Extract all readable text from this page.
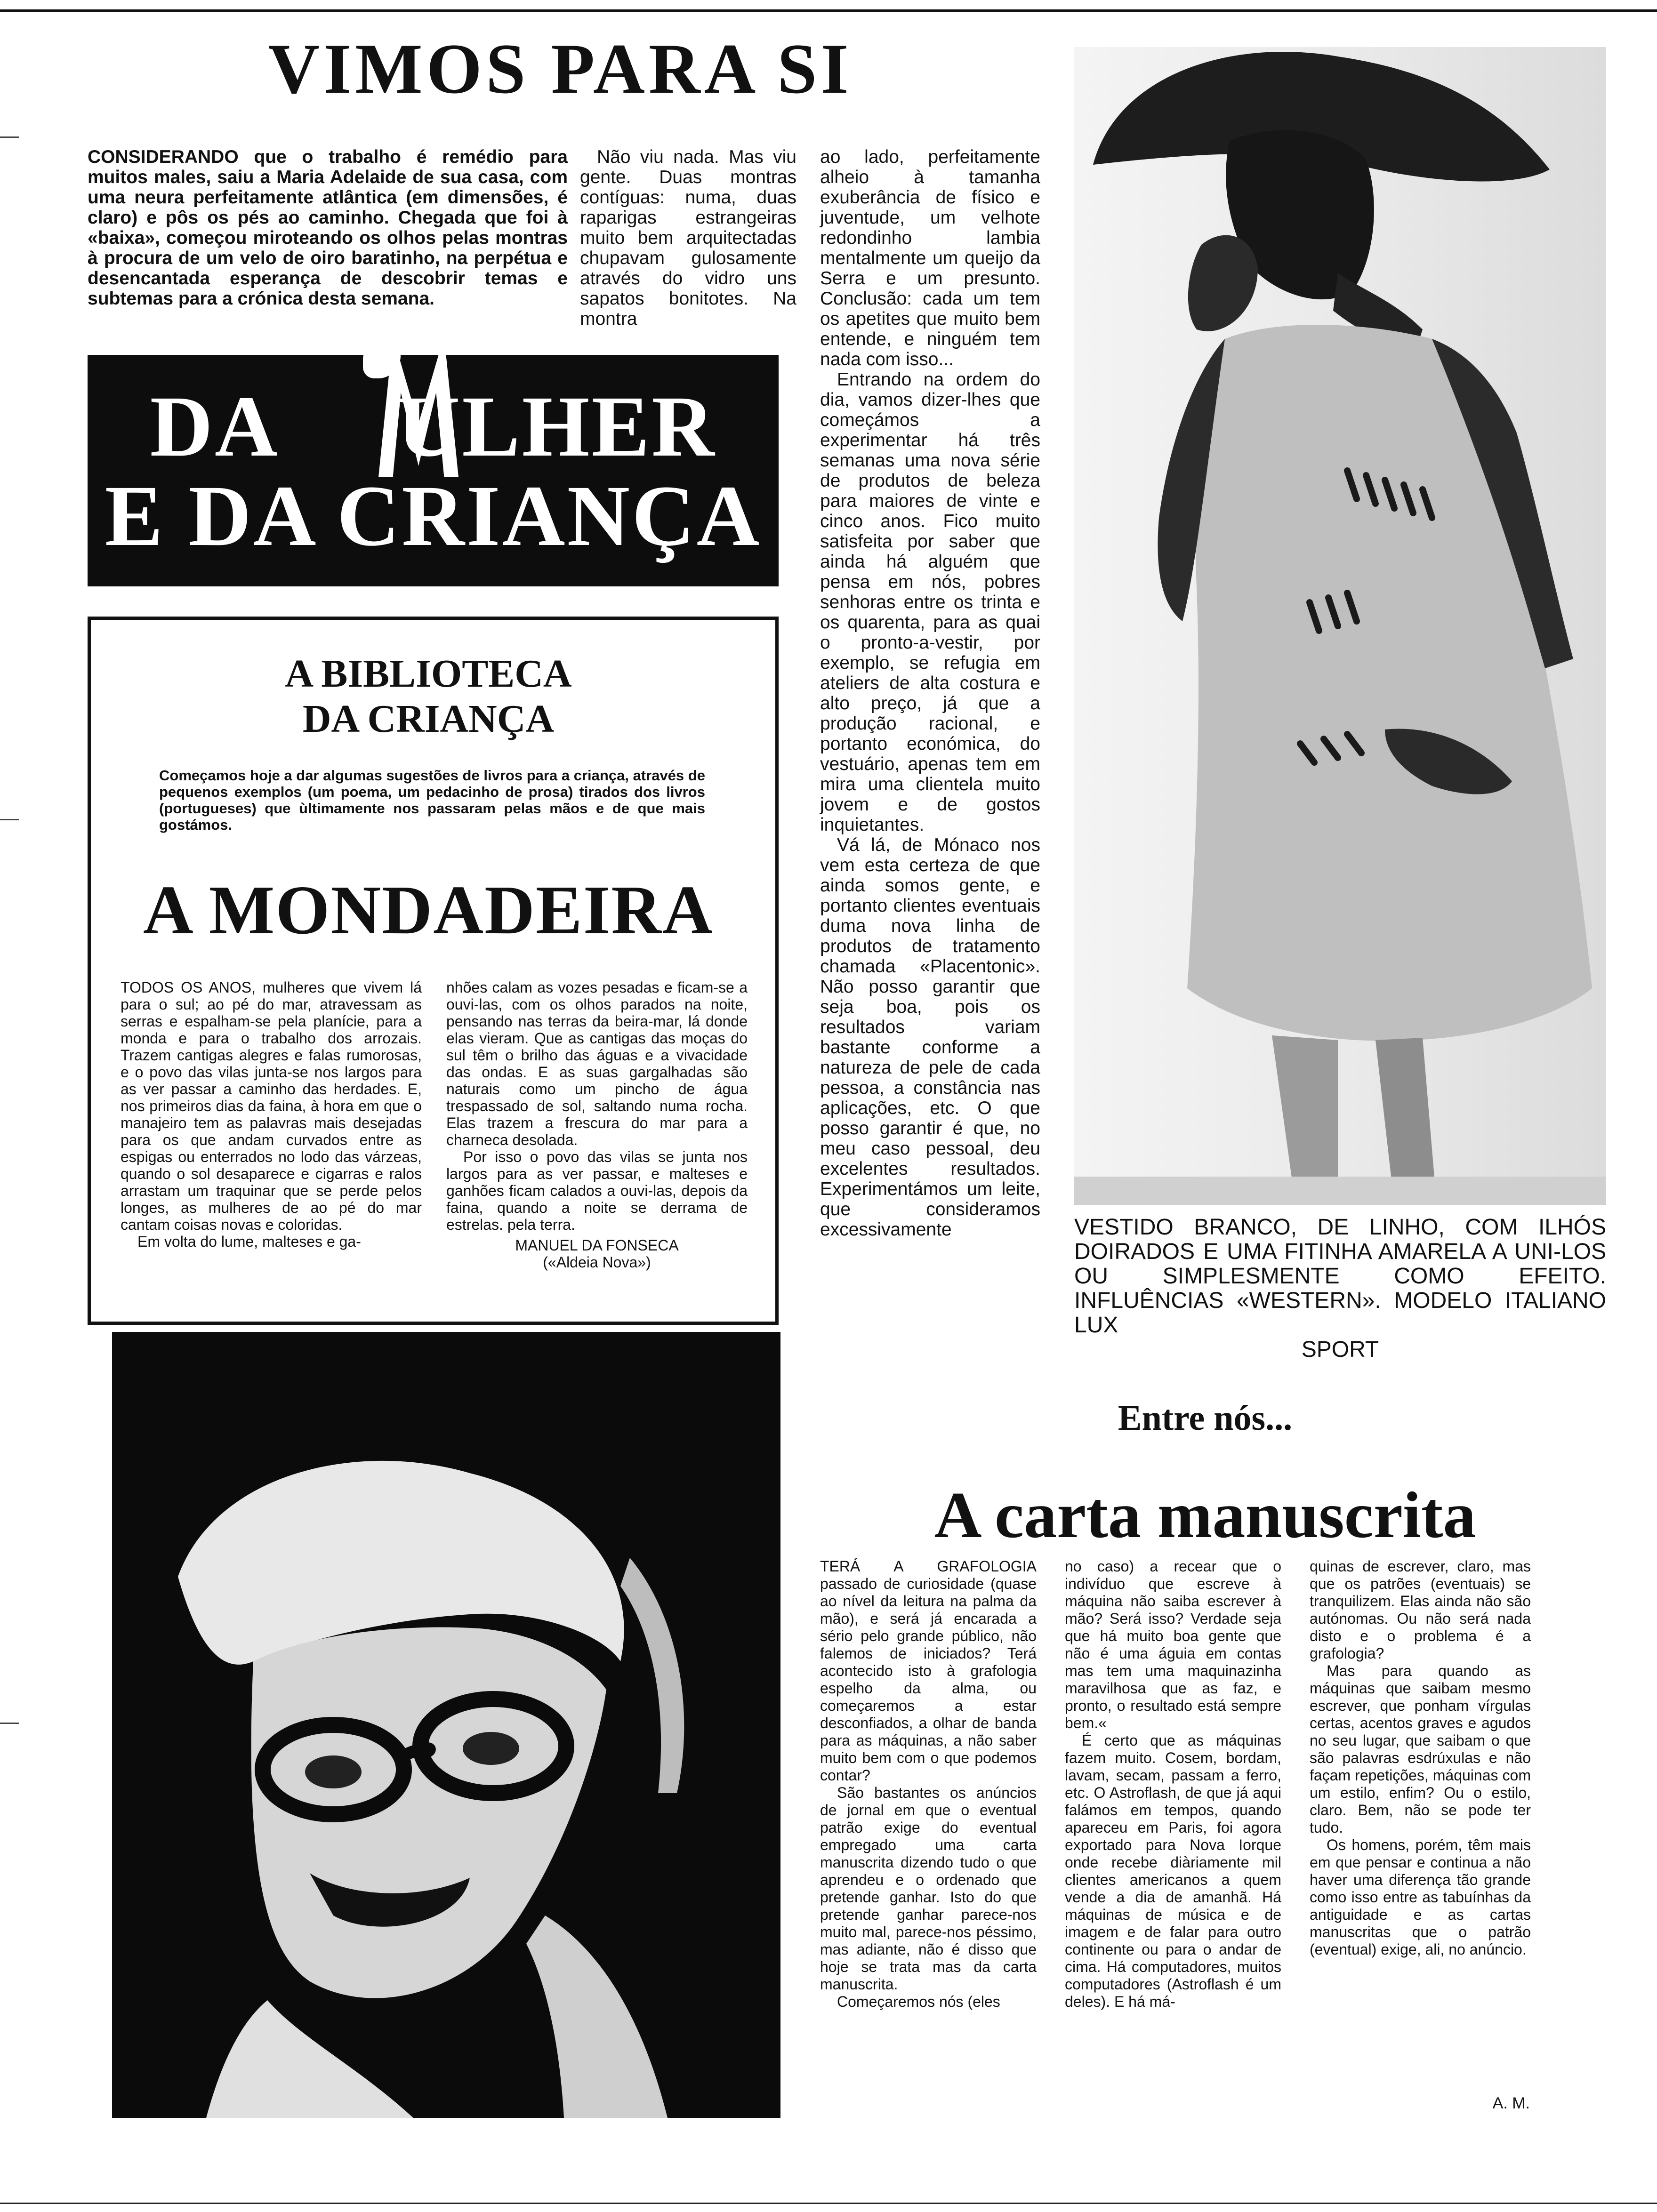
VIMOS PARA SI

CONSIDERANDO que o trabalho é remédio para muitos males, saiu a Maria Adelaide de sua casa, com uma neura perfeitamente atlântica (em dimensões, é claro) e pôs os pés ao caminho. Chegada que foi à «baixa», começou miroteando os olhos pelas montras à procura de um velo de oiro baratinho, na perpétua e desencantada esperança de descobrir temas e subtemas para a crónica desta semana.

Não viu nada. Mas viu gente. Duas montras contíguas: numa, duas raparigas estrangeiras muito bem arquitectadas chupavam gulosamente através do vidro uns sapatos bonitotes. Na montra

ao lado, perfeitamente alheio à tamanha exuberância de físico e juventude, um velhote redondinho lambia mentalmente um queijo da Serra e um presunto. Conclusão: cada um tem os apetites que muito bem entende, e ninguém tem nada com isso...

Entrando na ordem do dia, vamos dizer-lhes que começámos a experimentar há três semanas uma nova série de produtos de beleza para maiores de vinte e cinco anos. Fico muito satisfeita por saber que ainda há alguém que pensa em nós, pobres senhoras entre os trinta e os quarenta, para as quai o pronto-a-vestir, por exemplo, se refugia em ateliers de alta costura e alto preço, já que a produção racional, e portanto económica, do vestuário, apenas tem em mira uma clientela muito jovem e de gostos inquietantes.

Vá lá, de Mónaco nos vem esta certeza de que ainda somos gente, e portanto clientes eventuais duma nova linha de produtos de tratamento chamada «Placentonic». Não posso garantir que seja boa, pois os resultados variam bastante conforme a natureza de pele de cada pessoa, a constância nas aplicações, etc. O que posso garantir é que, no meu caso pessoal, deu excelentes resultados. Experimentámos um leite, que consideramos excessivamente

DA ULHER
E DA CRIANÇA
A BIBLIOTECA
DA CRIANÇA
Começamos hoje a dar algumas sugestões de livros para a criança, através de pequenos exemplos (um poema, um pedacinho de prosa) tirados dos livros (portugueses) que ùltimamente nos passaram pelas mãos e de que mais gostámos.
A MONDADEIRA

TODOS OS ANOS, mulheres que vivem lá para o sul; ao pé do mar, atravessam as serras e espalham-se pela planície, para a monda e para o trabalho dos arrozais. Trazem cantigas alegres e falas rumorosas, e o povo das vilas junta-se nos largos para as ver passar a caminho das herdades. E, nos primeiros dias da faina, à hora em que o manajeiro tem as palavras mais desejadas para os que andam curvados entre as espigas ou enterrados no lodo das várzeas, quando o sol desaparece e cigarras e ralos arrastam um traquinar que se perde pelos longes, as mulheres de ao pé do mar cantam coisas novas e coloridas.

Em volta do lume, malteses e ga-

nhões calam as vozes pesadas e ficam-se a ouvi-las, com os olhos parados na noite, pensando nas terras da beira-mar, lá donde elas vieram. Que as cantigas das moças do sul têm o brilho das águas e a vivacidade das ondas. E as suas gargalhadas são naturais como um pincho de água trespassado de sol, saltando numa rocha. Elas trazem a frescura do mar para a charneca desolada.

Por isso o povo das vilas se junta nos largos para as ver passar, e malteses e ganhões ficam calados a ouvi-las, depois da faina, quando a noite se derrama de estrelas. pela terra.

MANUEL DA FONSECA

(«Aldeia Nova»)

VESTIDO BRANCO, DE LINHO, COM ILHÓS DOIRADOS E UMA FITINHA AMARELA A UNI-LOS OU SIMPLESMENTE COMO EFEITO. INFLUÊNCIAS «WESTERN». MODELO ITALIANO LUX
SPORT
Entre nós...
A carta manuscrita

TERÁ A GRAFOLOGIA passado de curiosidade (quase ao nível da leitura na palma da mão), e será já encarada a sério pelo grande público, não falemos de iniciados? Terá acontecido isto à grafologia espelho da alma, ou começaremos a estar desconfiados, a olhar de banda para as máquinas, a não saber muito bem com o que podemos contar?

São bastantes os anúncios de jornal em que o eventual patrão exige do eventual empregado uma carta manuscrita dizendo tudo o que aprendeu e o ordenado que pretende ganhar. Isto do que pretende ganhar parece-nos muito mal, parece-nos péssimo, mas adiante, não é disso que hoje se trata mas da carta manuscrita.

Começaremos nós (eles

no caso) a recear que o indivíduo que escreve à máquina não saiba escrever à mão? Será isso? Verdade seja que há muito boa gente que não é uma águia em contas mas tem uma maquinazinha maravilhosa que as faz, e pronto, o resultado está sempre bem.«

É certo que as máquinas fazem muito. Cosem, bordam, lavam, secam, passam a ferro, etc. O Astroflash, de que já aqui falámos em tempos, quando apareceu em Paris, foi agora exportado para Nova Iorque onde recebe diàriamente mil clientes americanos a quem vende a dia de amanhã. Há máquinas de música e de imagem e de falar para outro continente ou para o andar de cima. Há computadores, muitos computadores (Astroflash é um deles). E há má-

quinas de escrever, claro, mas que os patrões (eventuais) se tranquilizem. Elas ainda não são autónomas. Ou não será nada disto e o problema é a grafologia?

Mas para quando as máquinas que saibam mesmo escrever, que ponham vírgulas certas, acentos graves e agudos no seu lugar, que saibam o que são palavras esdrúxulas e não façam repetições, máquinas com um estilo, enfim? Ou o estilo, claro. Bem, não se pode ter tudo.

Os homens, porém, têm mais em que pensar e continua a não haver uma diferença tão grande como isso entre as tabuínhas da antiguidade e as cartas manuscritas que o patrão (eventual) exige, ali, no anúncio.

A. M.
